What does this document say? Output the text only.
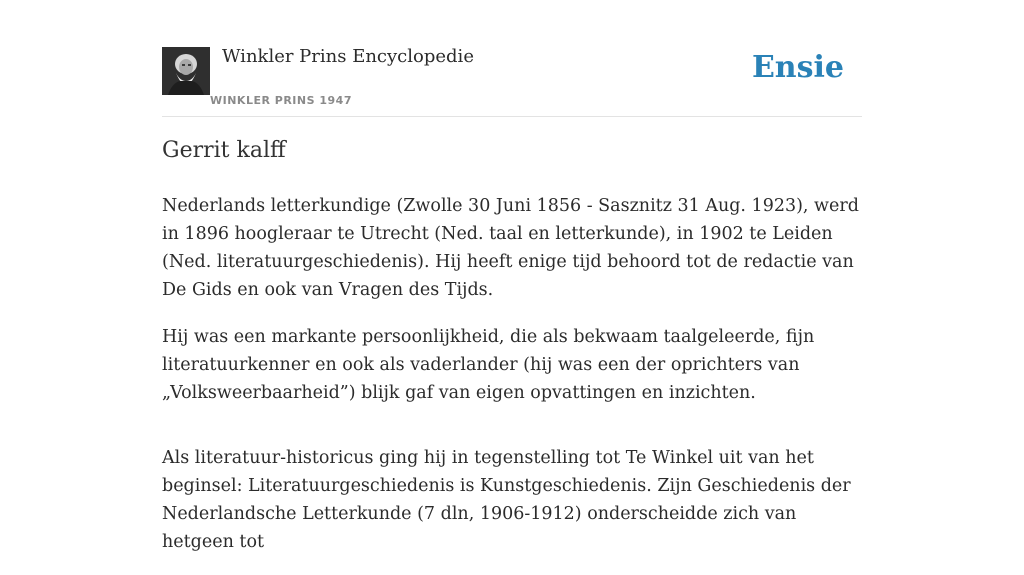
Winkler Prins Encyclopedie
WINKLER PRINS 1947
Ensie
Gerrit kalff

Nederlands letterkundige (Zwolle 30 Juni 1856 - Sasznitz 31 Aug. 1923), werd in 1896 hoogleraar te Utrecht (Ned. taal en letterkunde), in 1902 te Leiden (Ned. literatuurgeschiedenis). Hij heeft enige tijd behoord tot de redactie van De Gids en ook van Vragen des Tijds.

Hij was een markante persoonlijkheid, die als bekwaam taalgeleerde, fijn literatuurkenner en ook als vaderlander (hij was een der oprichters van „Volksweerbaarheid”) blijk gaf van eigen opvattingen en inzichten.

Als literatuur-historicus ging hij in tegenstelling tot Te Winkel uit van het beginsel: Literatuurgeschiedenis is Kunstgeschiedenis. Zijn Geschiedenis der Nederlandsche Letterkunde (7 dln, 1906-1912) onderscheidde zich van hetgeen tot
